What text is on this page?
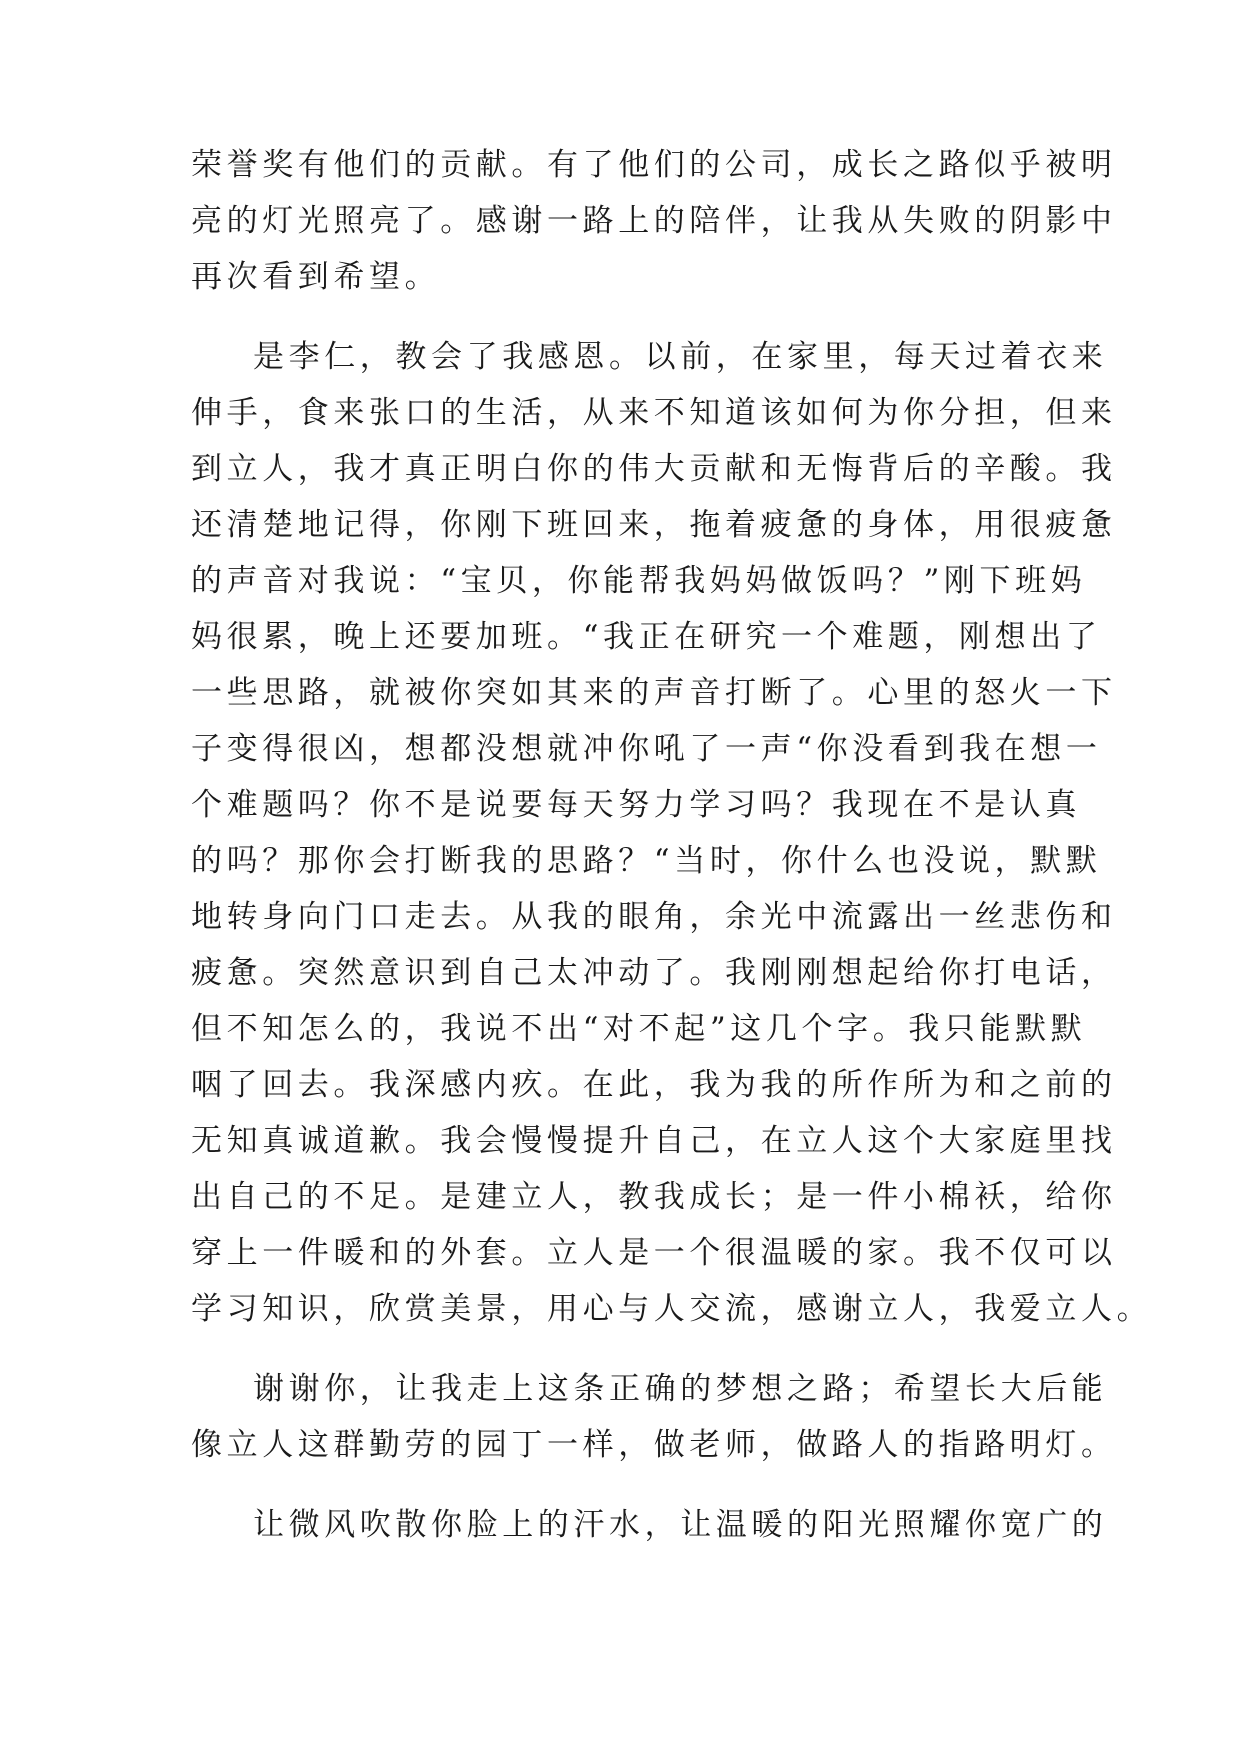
荣誉奖有他们的贡献。有了他们的公司，成长之路似乎被明
亮的灯光照亮了。感谢一路上的陪伴，让我从失败的阴影中
再次看到希望。
是李仁，教会了我感恩。以前，在家里，每天过着衣来
伸手，食来张口的生活，从来不知道该如何为你分担，但来
到立人，我才真正明白你的伟大贡献和无悔背后的辛酸。我
还清楚地记得，你刚下班回来，拖着疲惫的身体，用很疲惫
的声音对我说：“宝贝，你能帮我妈妈做饭吗？”刚下班妈
妈很累，晚上还要加班。“我正在研究一个难题，刚想出了
一些思路，就被你突如其来的声音打断了。心里的怒火一下
子变得很凶，想都没想就冲你吼了一声“你没看到我在想一
个难题吗？你不是说要每天努力学习吗？我现在不是认真
的吗？那你会打断我的思路？“当时，你什么也没说，默默
地转身向门口走去。从我的眼角，余光中流露出一丝悲伤和
疲惫。突然意识到自己太冲动了。我刚刚想起给你打电话，
但不知怎么的，我说不出“对不起”这几个字。我只能默默
咽了回去。我深感内疚。在此，我为我的所作所为和之前的
无知真诚道歉。我会慢慢提升自己，在立人这个大家庭里找
出自己的不足。是建立人，教我成长；是一件小棉袄，给你
穿上一件暖和的外套。立人是一个很温暖的家。我不仅可以
学习知识，欣赏美景，用心与人交流，感谢立人，我爱立人。
谢谢你，让我走上这条正确的梦想之路；希望长大后能
像立人这群勤劳的园丁一样，做老师，做路人的指路明灯。
让微风吹散你脸上的汗水，让温暖的阳光照耀你宽广的
